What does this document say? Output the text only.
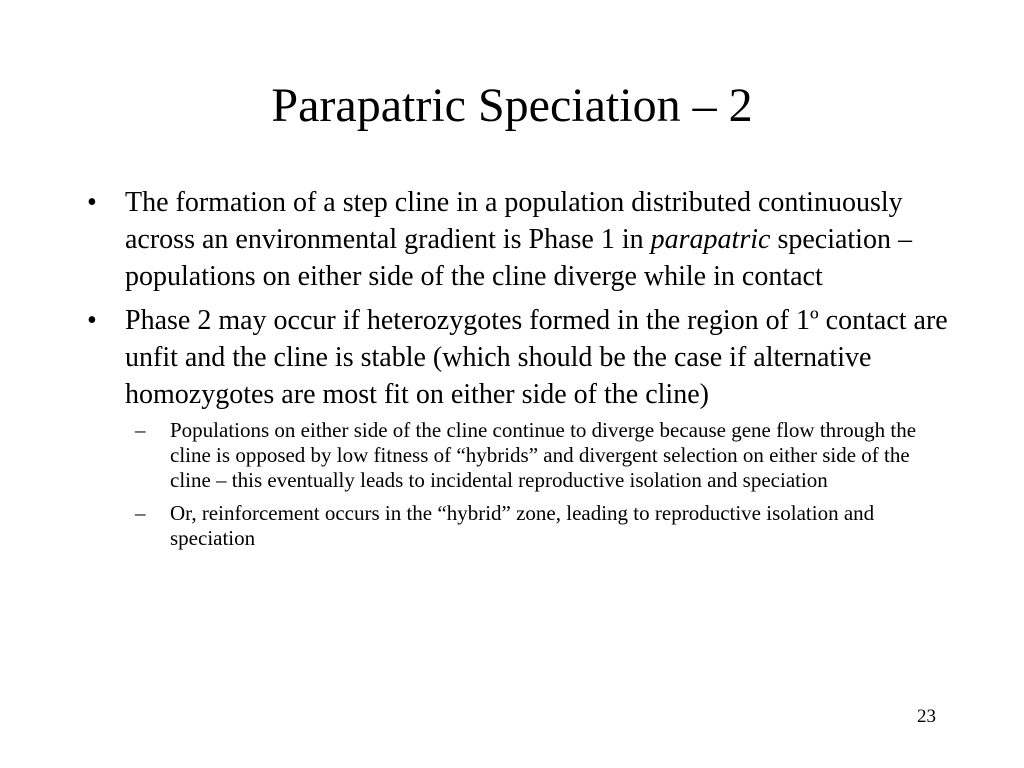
Parapatric Speciation – 2
• The formation of a step cline in a population distributed continuously across an environmental gradient is Phase 1 in parapatric speciation – populations on either side of the cline diverge while in contact
• Phase 2 may occur if heterozygotes formed in the region of 1º contact are unfit and the cline is stable (which should be the case if alternative homozygotes are most fit on either side of the cline)
– Populations on either side of the cline continue to diverge because gene flow through the cline is opposed by low fitness of “hybrids” and divergent selection on either side of the cline – this eventually leads to incidental reproductive isolation and speciation
– Or, reinforcement occurs in the “hybrid” zone, leading to reproductive isolation and speciation
23
